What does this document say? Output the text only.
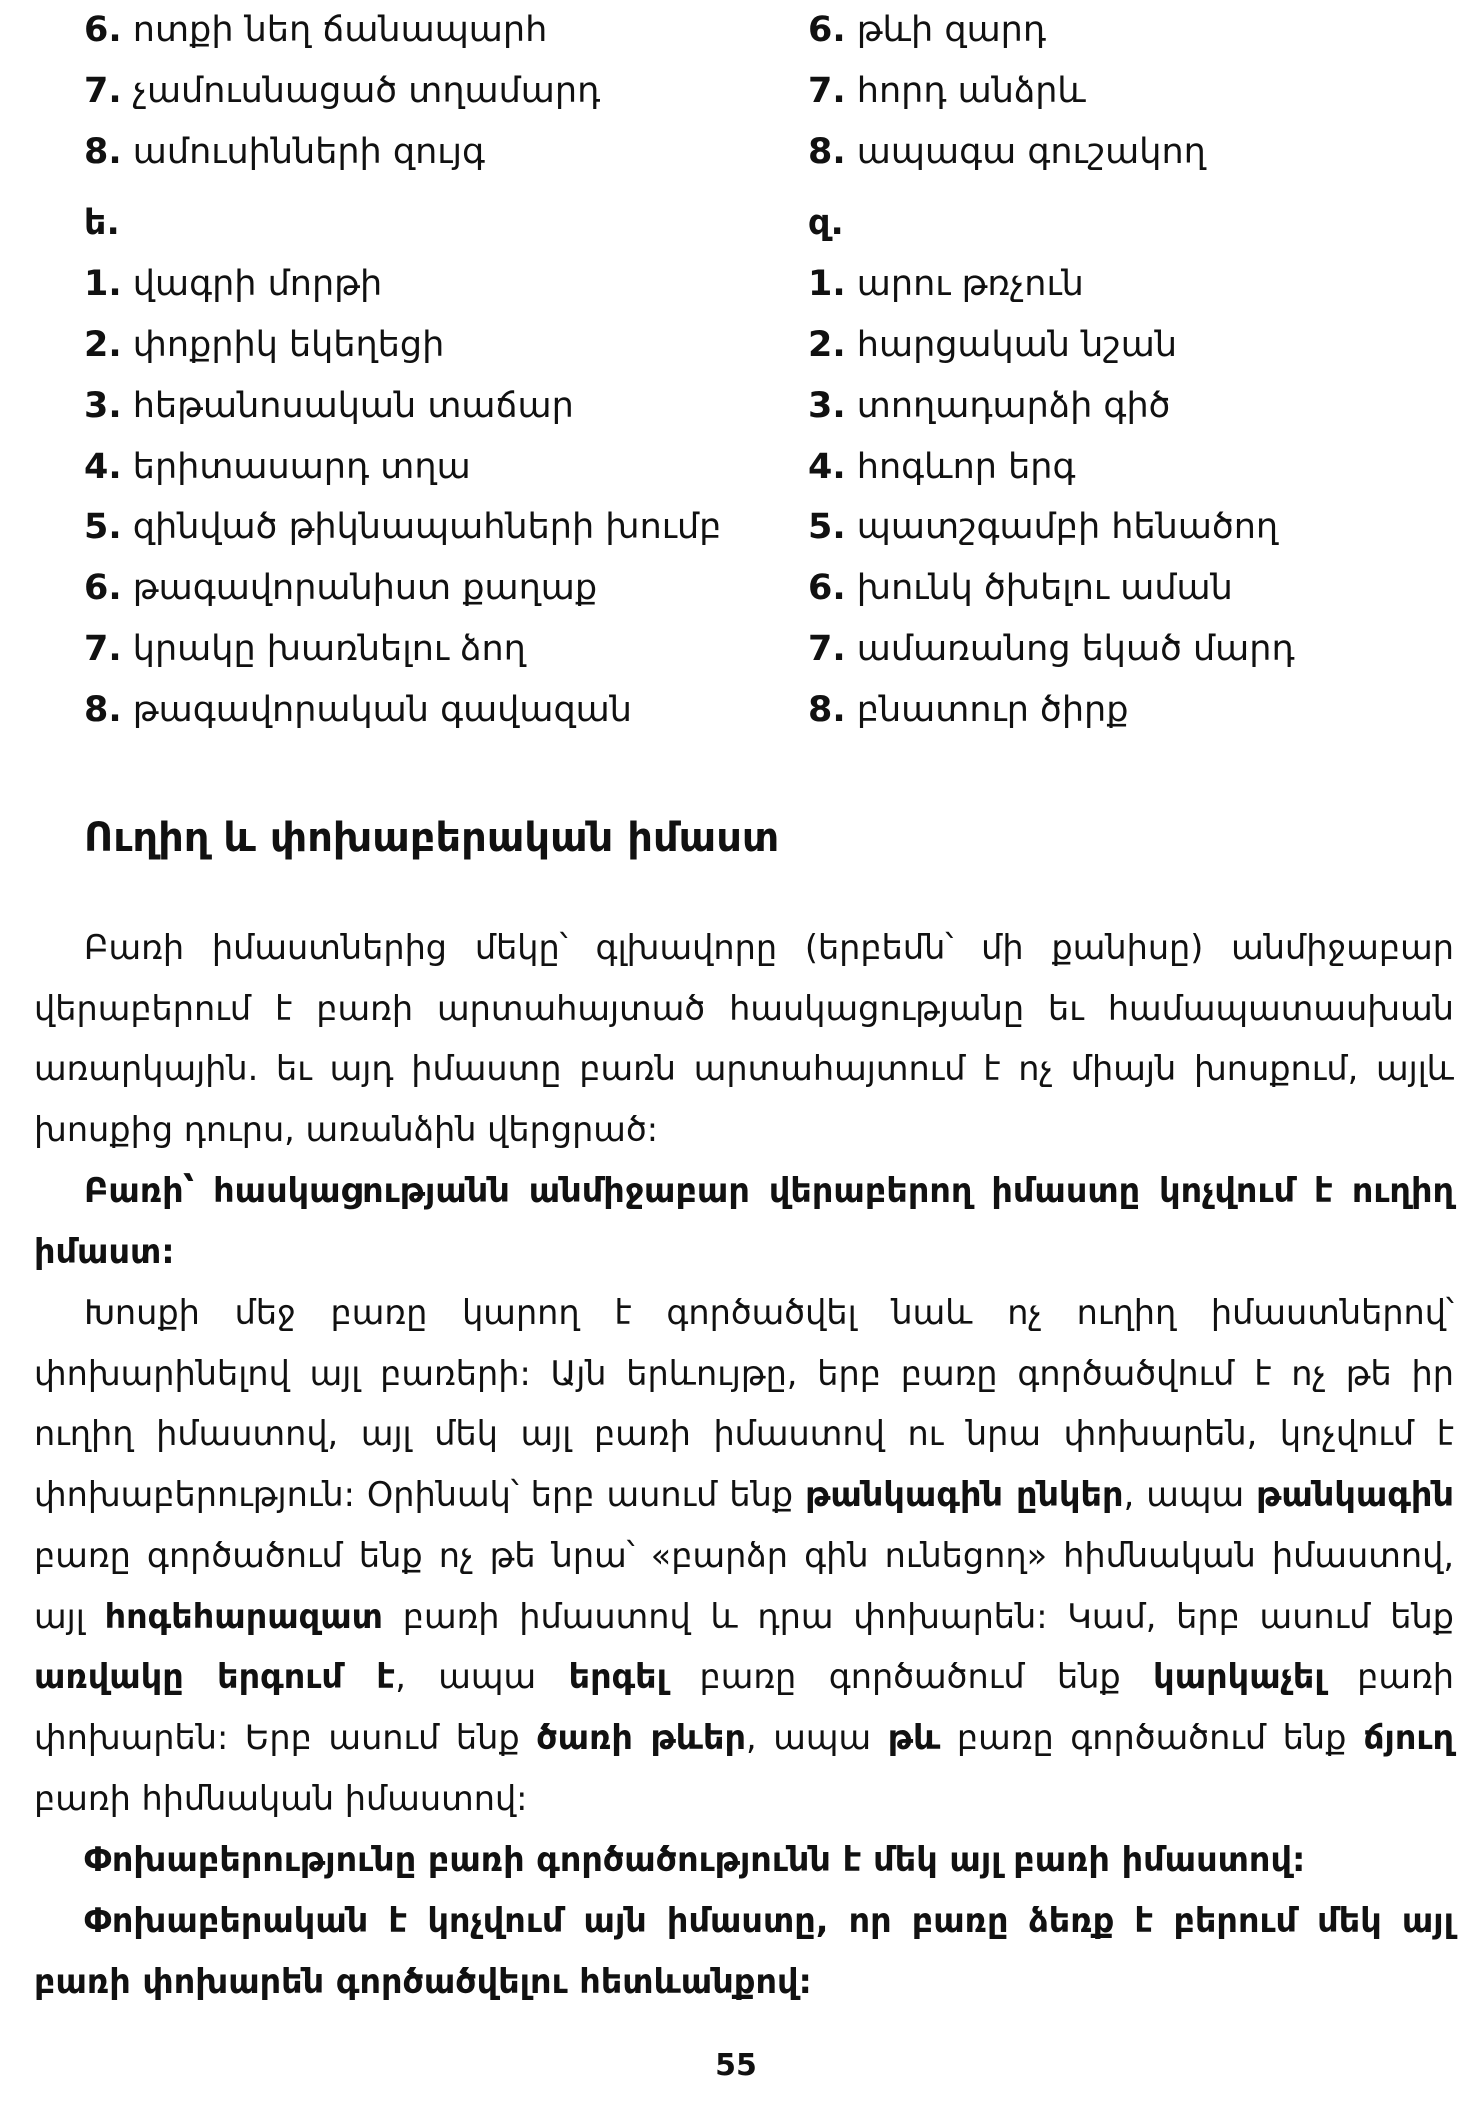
6. ոտքի նեղ ճանապարհ
7. չամուսնացած տղամարդ
8. ամուսինների զույգ
ե.
1. վագրի մորթի
2. փոքրիկ եկեղեցի
3. հեթանոսական տաճար
4. երիտասարդ տղա
5. զինված թիկնապահների խումբ
6. թագավորանիստ քաղաք
7. կրակը խառնելու ձող
8. թագավորական գավազան
6. թևի զարդ
7. հորդ անձրև
8. ապագա գուշակող
զ.
1. արու թռչուն
2. հարցական նշան
3. տողադարձի գիծ
4. հոգևոր երգ
5. պատշգամբի հենածող
6. խունկ ծխելու աման
7. ամառանոց եկած մարդ
8. բնատուր ծիրք
Ուղիղ և փոխաբերական իմաստ

Բառի իմաստներից մեկը՝ գլխավորը (երբեմն՝ մի քանիսը) անմիջաբար վերաբերում է բառի արտահայտած հասկացությանը եւ համապատասխան առարկային. եւ այդ իմաստը բառն արտահայտում է ոչ միայն խոսքում, այլև խոսքից դուրս, առանձին վերցրած:

Բառի՝ հասկացությանն անմիջաբար վերաբերող իմաստը կոչվում է ուղիղ իմաստ:

Խոսքի մեջ բառը կարող է գործածվել նաև ոչ ուղիղ իմաստներով՝ փոխարինելով այլ բառերի: Այն երևույթը, երբ բառը գործածվում է ոչ թե իր ուղիղ իմաստով, այլ մեկ այլ բառի իմաստով ու նրա փոխարեն, կոչվում է փոխաբերություն: Օրինակ՝ երբ ասում ենք թանկագին ընկեր, ապա թանկագին բառը գործածում ենք ոչ թե նրա՝ «բարձր գին ունեցող» հիմնական իմաստով, այլ հոգեհարազատ բառի իմաստով և դրա փոխարեն: Կամ, երբ ասում ենք առվակը երգում է, ապա երգել բառը գործածում ենք կարկաչել բառի փոխարեն: Երբ ասում ենք ծառի թևեր, ապա թև բառը գործածում ենք ճյուղ բառի հիմնական իմաստով:

Փոխաբերությունը բառի գործածությունն է մեկ այլ բառի իմաստով:

Փոխաբերական է կոչվում այն իմաստը, որ բառը ձեռք է բերում մեկ այլ բառի փոխարեն գործածվելու հետևանքով:

55
